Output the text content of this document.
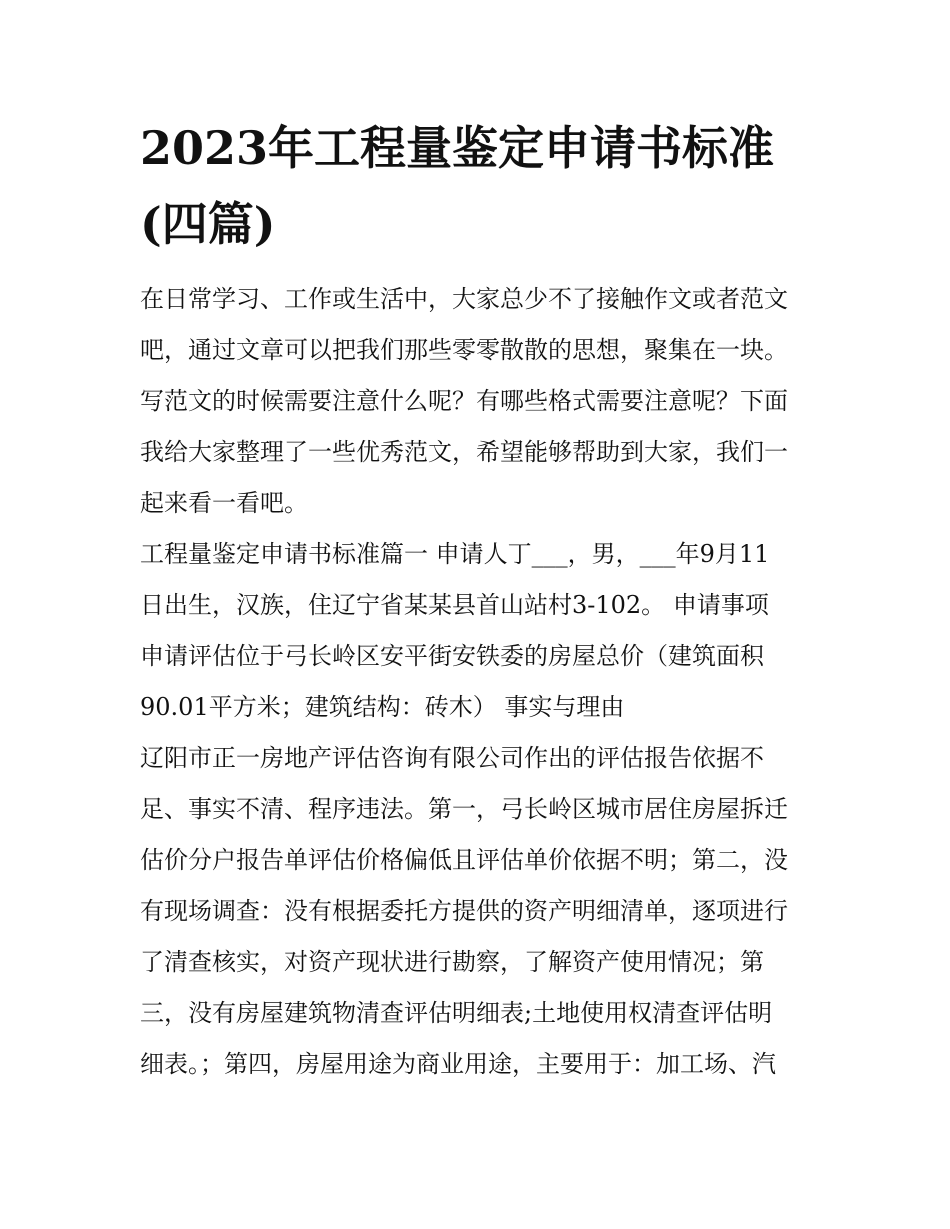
2023年工程量鉴定申请书标准
(四篇)
在日常学习、工作或生活中，大家总少不了接触作文或者范文
吧，通过文章可以把我们那些零零散散的思想，聚集在一块。
写范文的时候需要注意什么呢？有哪些格式需要注意呢？下面
我给大家整理了一些优秀范文，希望能够帮助到大家，我们一
起来看一看吧。
工程量鉴定申请书标准篇一 申请人丁___，男，___年9月11
日出生，汉族，住辽宁省某某县首山站村3-102。 申请事项
申请评估位于弓长岭区安平街安铁委的房屋总价（建筑面积
90.01平方米；建筑结构：砖木） 事实与理由
辽阳市正一房地产评估咨询有限公司作出的评估报告依据不
足、事实不清、程序违法。第一，弓长岭区城市居住房屋拆迁
估价分户报告单评估价格偏低且评估单价依据不明；第二，没
有现场调查：没有根据委托方提供的资产明细清单，逐项进行
了清查核实，对资产现状进行勘察，了解资产使用情况；第
三，没有房屋建筑物清查评估明细表;土地使用权清查评估明
细表。；第四，房屋用途为商业用途，主要用于：加工场、汽
